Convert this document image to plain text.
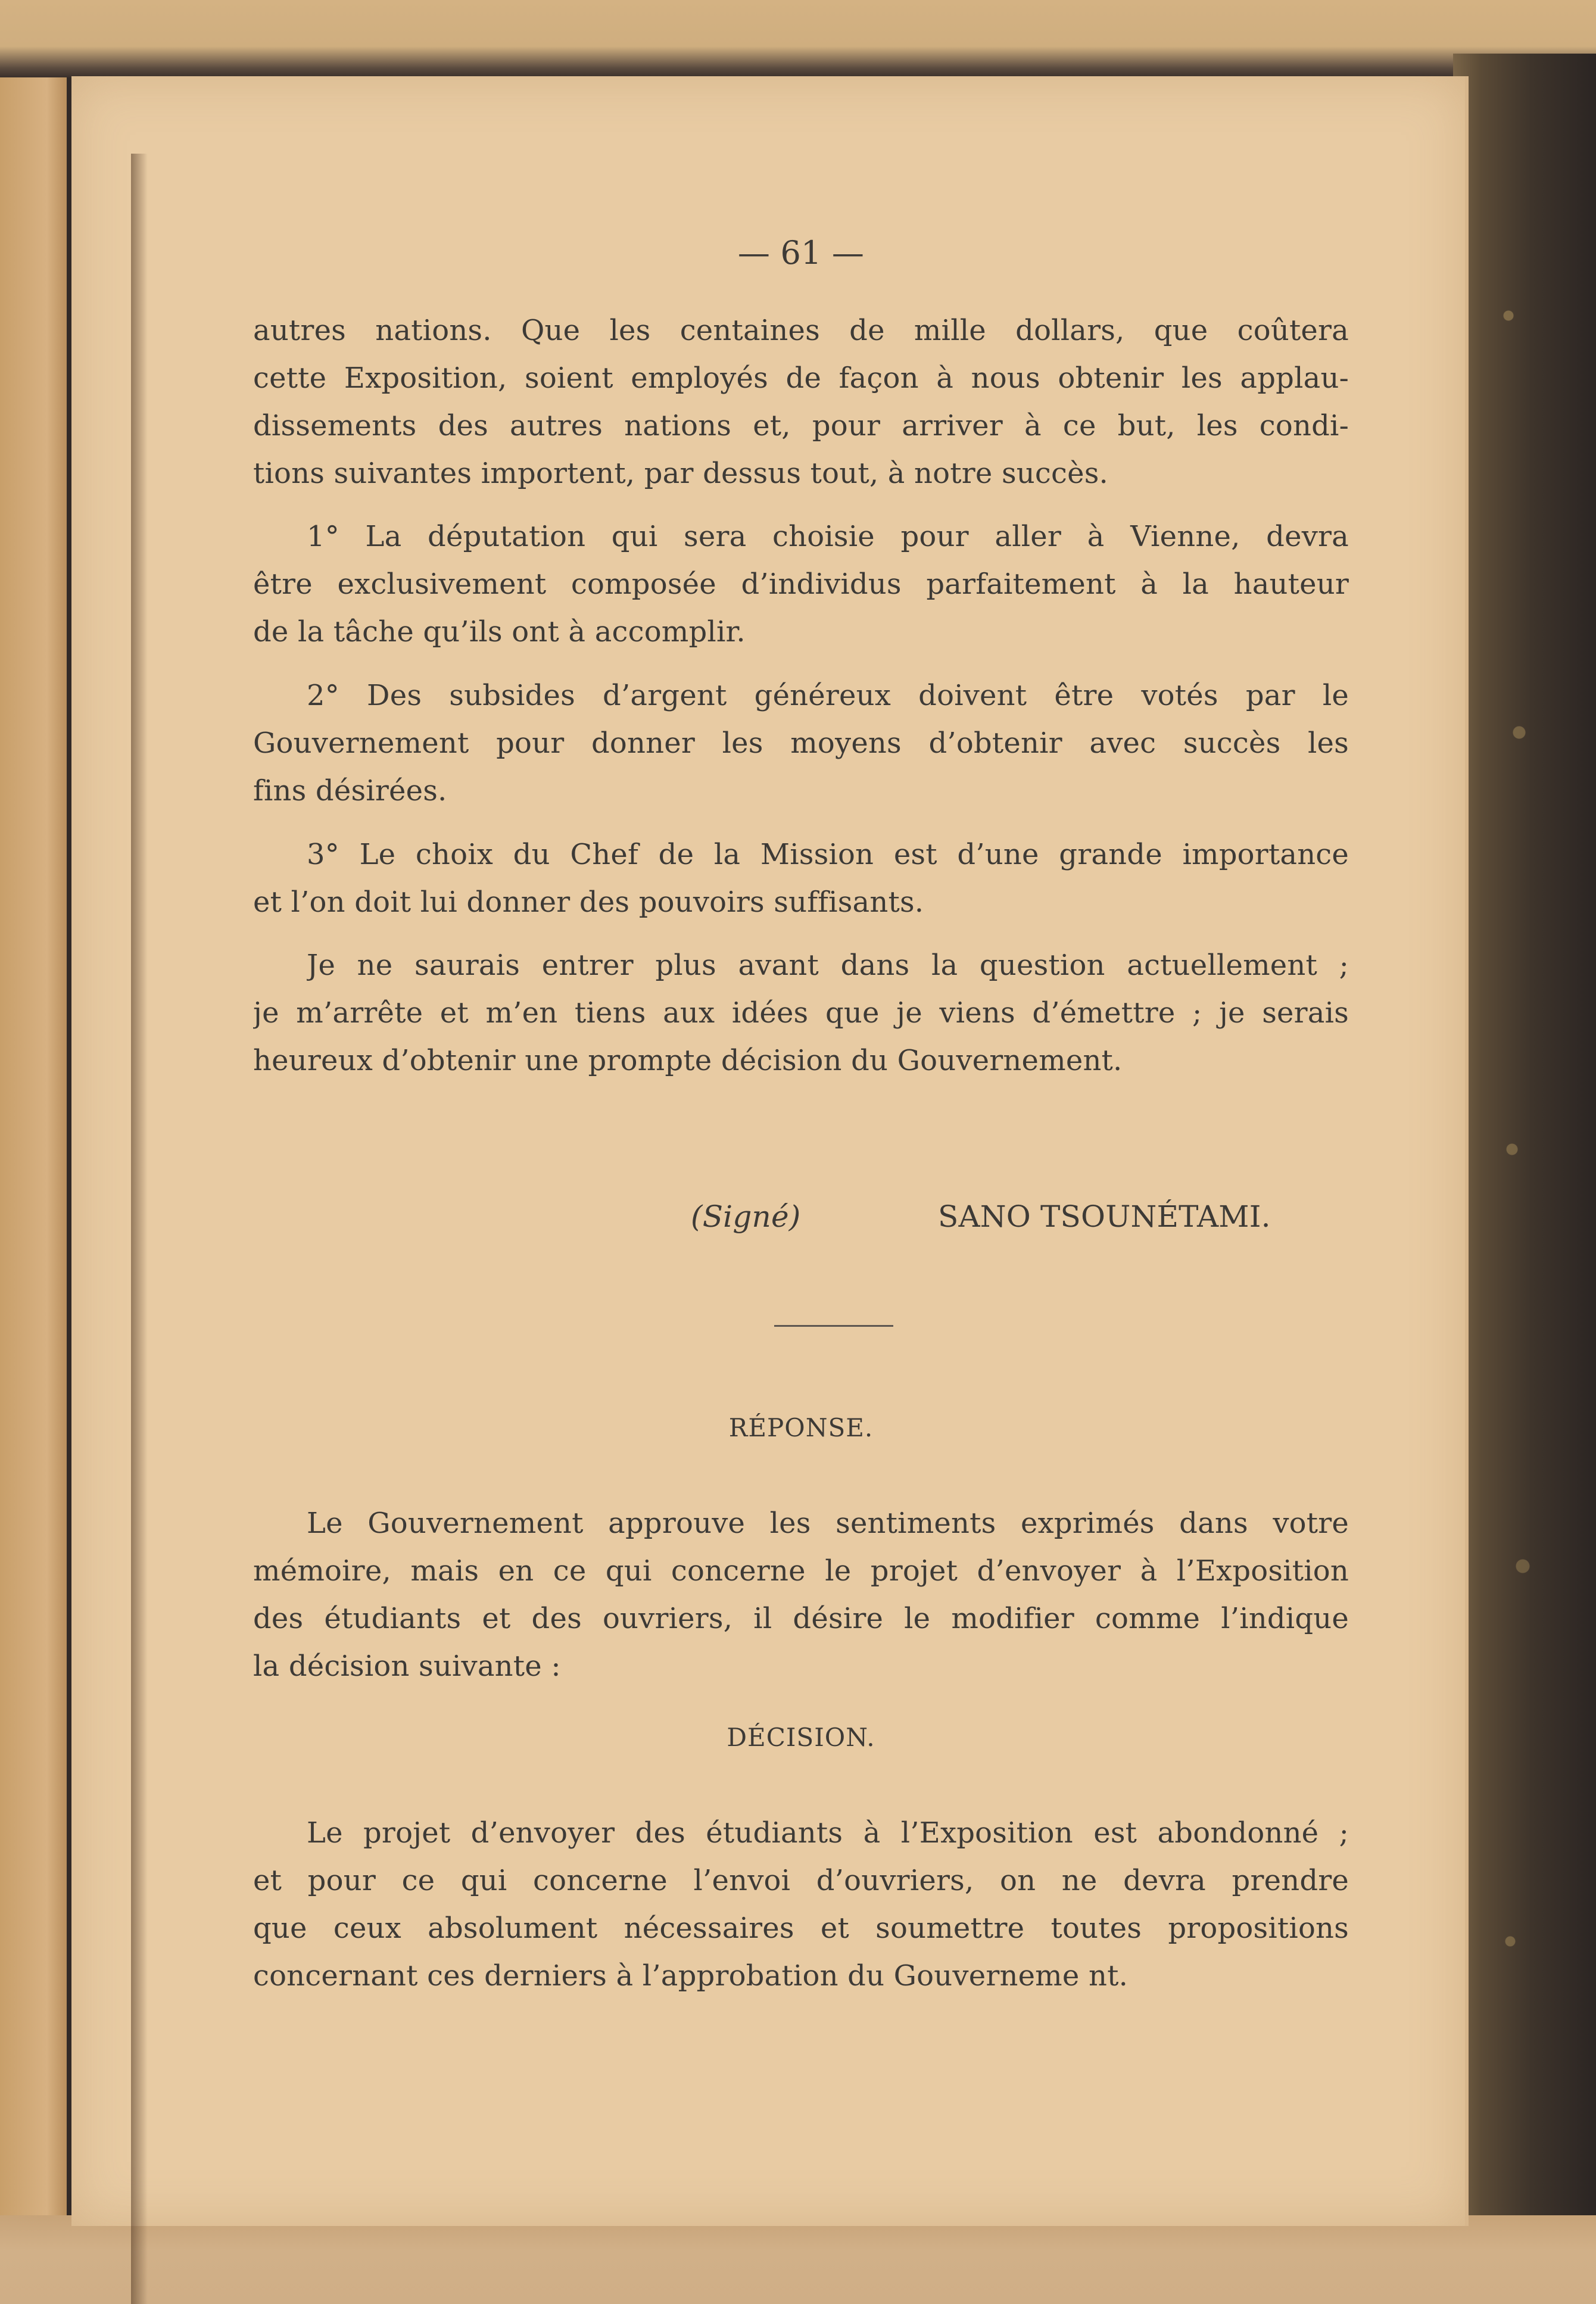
— 61 —
autres nations. Que les centaines de mille dollars, que coûtera
cette Exposition, soient employés de façon à nous obtenir les applau-
dissements des autres nations et, pour arriver à ce but, les condi-
tions suivantes importent, par dessus tout, à notre succès.
1° La députation qui sera choisie pour aller à Vienne, devra
être exclusivement composée d’individus parfaitement à la hauteur
de la tâche qu’ils ont à accomplir.
2° Des subsides d’argent généreux doivent être votés par le
Gouvernement pour donner les moyens d’obtenir avec succès les
fins désirées.
3° Le choix du Chef de la Mission est d’une grande importance
et l’on doit lui donner des pouvoirs suffisants.
Je ne saurais entrer plus avant dans la question actuellement ;
je m’arrête et m’en tiens aux idées que je viens d’émettre ; je serais
heureux d’obtenir une prompte décision du Gouvernement.
(Signé)	SANO TSOUNÉTAMI.
RÉPONSE.
Le Gouvernement approuve les sentiments exprimés dans votre
mémoire, mais en ce qui concerne le projet d’envoyer à l’Exposition
des étudiants et des ouvriers, il désire le modifier comme l’indique
la décision suivante :
DÉCISION.
Le projet d’envoyer des étudiants à l’Exposition est abondonné ;
et pour ce qui concerne l’envoi d’ouvriers, on ne devra prendre
que ceux absolument nécessaires et soumettre toutes propositions
concernant ces derniers à l’approbation du Gouverneme nt.
